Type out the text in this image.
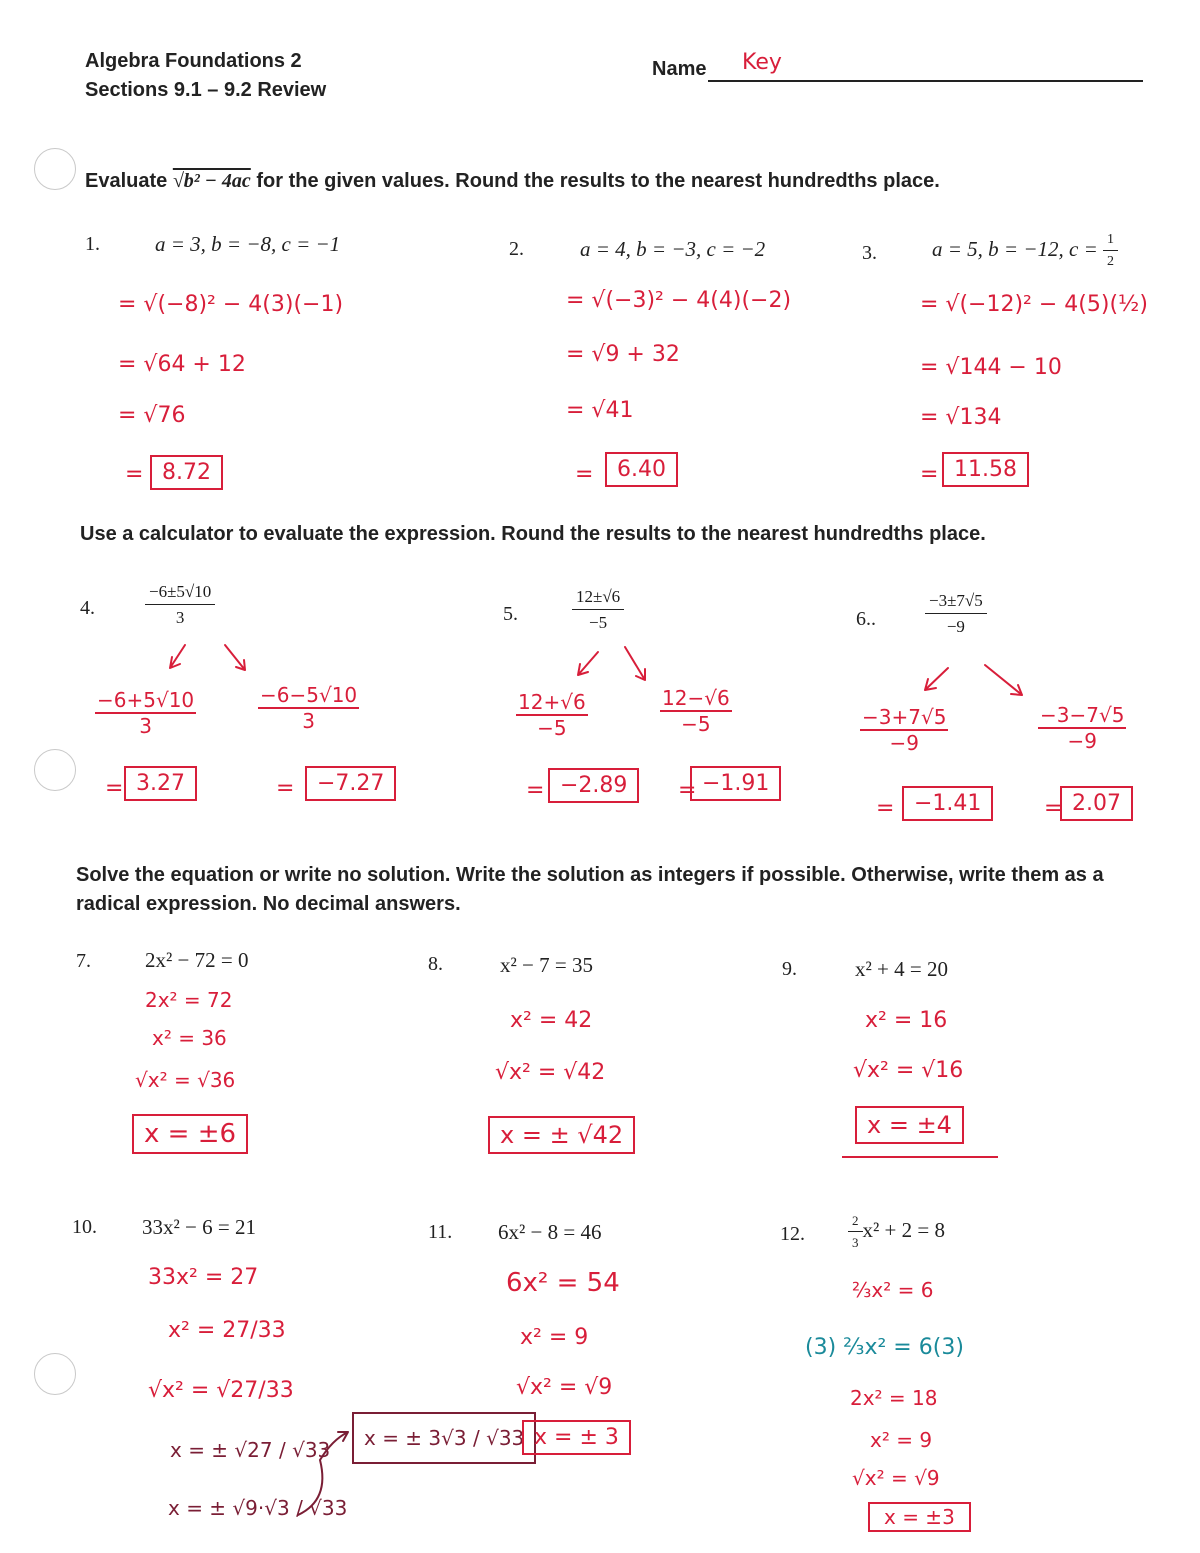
Algebra Foundations 2
Sections 9.1 – 9.2 Review
Name Key
Evaluate √b² − 4ac for the given values. Round the results to the nearest hundredths place.
1.	a = 3, b = −8, c = −1
= √(−8)² − 4(3)(−1)
= √64 + 12
= √76
= 8.72
2.	a = 4, b = −3, c = −2
= √(−3)² − 4(4)(−2)
= √9 + 32
= √41
=	6.40
3.	a = 5, b = −12, $c = \frac{1}{2}$
= √(−12)² − 4(5)(½)
= √144 − 10
= √134
= 11.58
Use a calculator to evaluate the expression. Round the results to the nearest hundredths place.
4.	$\frac{-6\pm 5√10}{3}$
$\frac{-6+5√10}{3}$	$\frac{-6-5√10}{3}$
= 3.27	=	−7.27
5.	$\frac{12\pm√6}{-5}$
$\frac{12+√6}{-5}$	$\frac{12-√6}{-5}$
= −2.89	= −1.91
6..	$\frac{-3\pm 7√5}{-9}$
$\frac{-3+7√5}{-9}$	$\frac{-3-7√5}{-9}$
= −1.41	= 2.07
Solve the equation or write no solution. Write the solution as integers if possible. Otherwise, write them as a
radical expression. No decimal answers.
7.	2x² − 72 = 0
2x² = 72
x² = 36
√x² = √36
x = ±6
8.	x² − 7 = 35
x² = 42
√x² = √42
x = ± √42
9.	x² + 4 = 20
x² = 16
√x² = √16
x = ±4
10. 33x² − 6 = 21
33x² = 27
x² = 27/33
√x² = √27/33
x = ± √27 / √33
x = ± √9·√3 / √33
x = ± 3√3 / √33
11. 6x² − 8 = 46
6x² = 54
x² = 9
√x² = √9
x = ± 3
12.	$\frac{2}{3} x^2 + 2 = 8$
⅔x² = 6
(3) ⅔x² = 6(3)
2x² = 18
x² = 9
√x² = √9
x = ±3
